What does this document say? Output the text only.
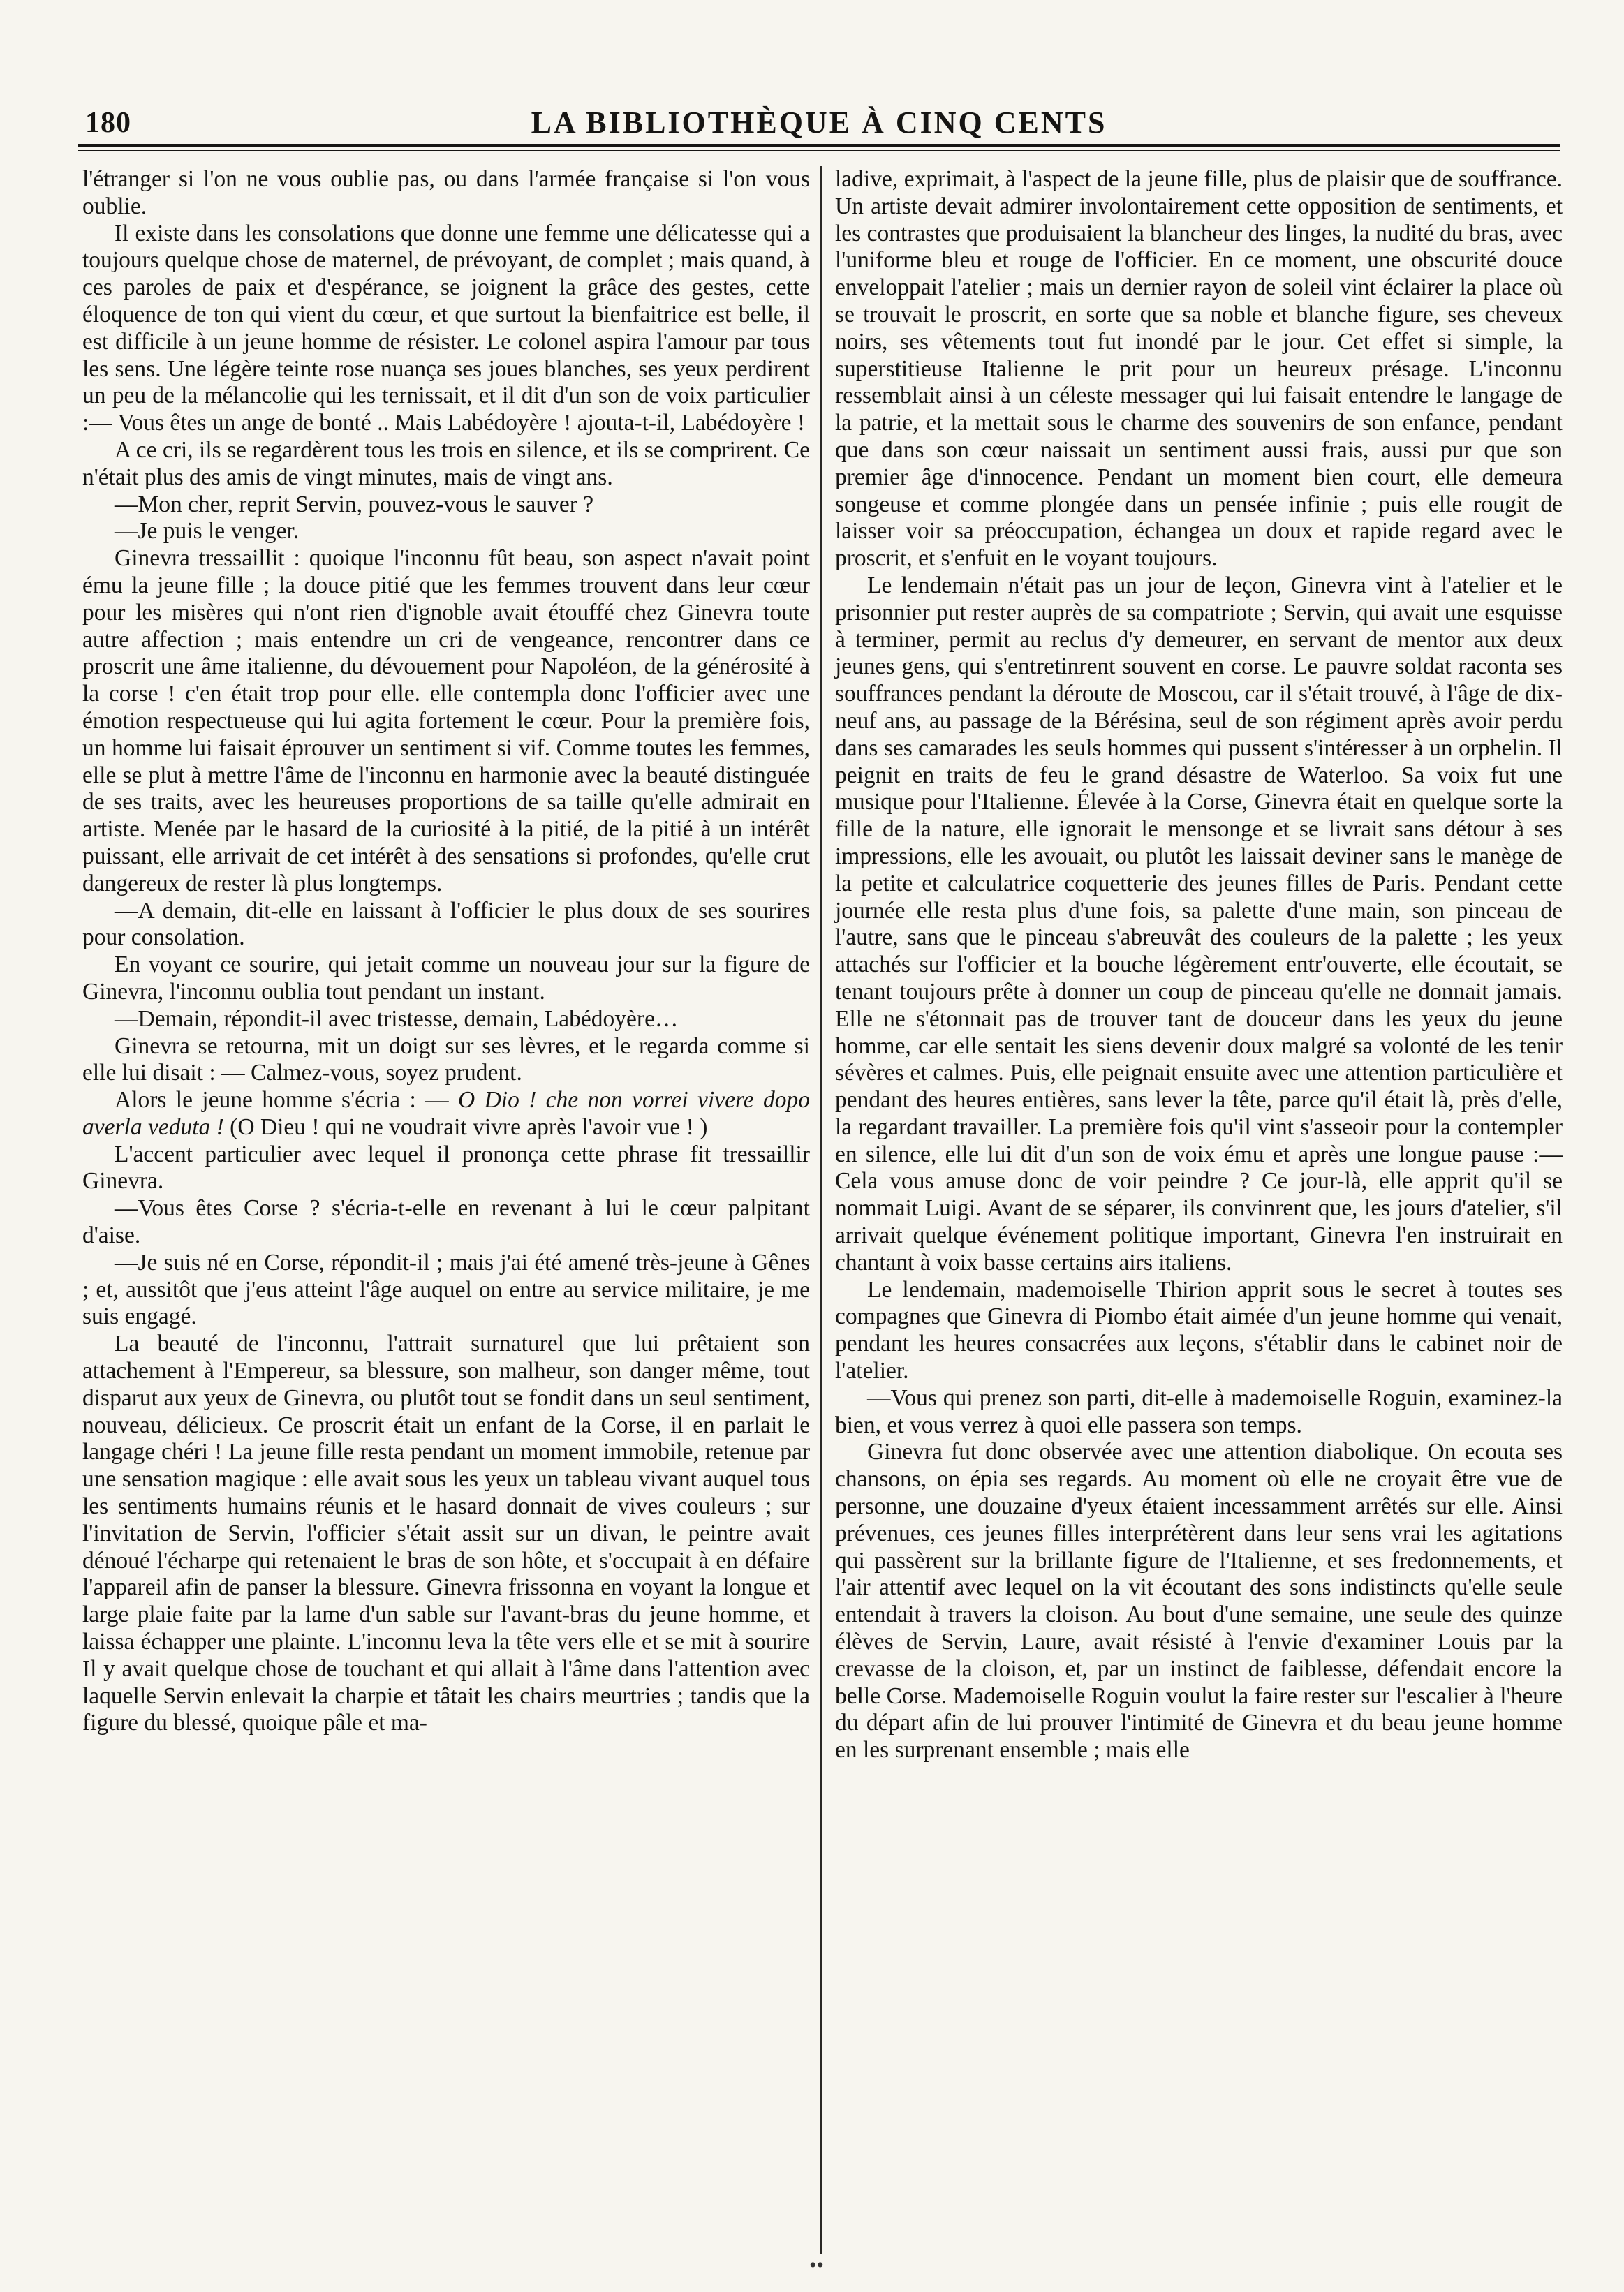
180	LA BIBLIOTHÈQUE À CINQ CENTS

l'étranger si l'on ne vous oublie pas, ou dans l'armée française si l'on vous oublie.

Il existe dans les consolations que donne une femme une délicatesse qui a toujours quelque chose de maternel, de prévoyant, de complet ; mais quand, à ces paroles de paix et d'espérance, se joignent la grâce des gestes, cette éloquence de ton qui vient du cœur, et que surtout la bienfaitrice est belle, il est difficile à un jeune homme de résister. Le colonel aspira l'amour par tous les sens. Une légère teinte rose nuança ses joues blanches, ses yeux perdirent un peu de la mélancolie qui les ternissait, et il dit d'un son de voix particulier :— Vous êtes un ange de bonté .. Mais Labédoyère ! ajouta-t-il, Labédoyère !

A ce cri, ils se regardèrent tous les trois en silence, et ils se comprirent. Ce n'était plus des amis de vingt minutes, mais de vingt ans.

—Mon cher, reprit Servin, pouvez-vous le sauver ?

—Je puis le venger.

Ginevra tressaillit : quoique l'inconnu fût beau, son aspect n'avait point ému la jeune fille ; la douce pitié que les femmes trouvent dans leur cœur pour les misères qui n'ont rien d'ignoble avait étouffé chez Ginevra toute autre affection ; mais entendre un cri de vengeance, rencontrer dans ce proscrit une âme italienne, du dévouement pour Napoléon, de la générosité à la corse ! c'en était trop pour elle. elle contempla donc l'officier avec une émotion respectueuse qui lui agita fortement le cœur. Pour la première fois, un homme lui faisait éprouver un sentiment si vif. Comme toutes les femmes, elle se plut à mettre l'âme de l'inconnu en harmonie avec la beauté distinguée de ses traits, avec les heureuses proportions de sa taille qu'elle admirait en artiste. Menée par le hasard de la curiosité à la pitié, de la pitié à un intérêt puissant, elle arrivait de cet intérêt à des sensations si profondes, qu'elle crut dangereux de rester là plus longtemps.

—A demain, dit-elle en laissant à l'officier le plus doux de ses sourires pour consolation.

En voyant ce sourire, qui jetait comme un nouveau jour sur la figure de Ginevra, l'inconnu oublia tout pendant un instant.

—Demain, répondit-il avec tristesse, demain, Labédoyère…

Ginevra se retourna, mit un doigt sur ses lèvres, et le regarda comme si elle lui disait : — Calmez-vous, soyez prudent.

Alors le jeune homme s'écria : — O Dio ! che non vorrei vivere dopo averla veduta ! (O Dieu ! qui ne voudrait vivre après l'avoir vue ! )

L'accent particulier avec lequel il prononça cette phrase fit tressaillir Ginevra.

—Vous êtes Corse ? s'écria-t-elle en revenant à lui le cœur palpitant d'aise.

—Je suis né en Corse, répondit-il ; mais j'ai été amené très-jeune à Gênes ; et, aussitôt que j'eus atteint l'âge auquel on entre au service militaire, je me suis engagé.

La beauté de l'inconnu, l'attrait surnaturel que lui prêtaient son attachement à l'Empereur, sa blessure, son malheur, son danger même, tout disparut aux yeux de Ginevra, ou plutôt tout se fondit dans un seul sentiment, nouveau, délicieux. Ce proscrit était un enfant de la Corse, il en parlait le langage chéri ! La jeune fille resta pendant un moment immobile, retenue par une sensation magique : elle avait sous les yeux un tableau vivant auquel tous les sentiments humains réunis et le hasard donnait de vives couleurs ; sur l'invitation de Servin, l'officier s'était assit sur un divan, le peintre avait dénoué l'écharpe qui retenaient le bras de son hôte, et s'occupait à en défaire l'appareil afin de panser la blessure. Ginevra frissonna en voyant la longue et large plaie faite par la lame d'un sable sur l'avant-bras du jeune homme, et laissa échapper une plainte. L'inconnu leva la tête vers elle et se mit à sourire Il y avait quelque chose de touchant et qui allait à l'âme dans l'attention avec laquelle Servin enlevait la charpie et tâtait les chairs meurtries ; tandis que la figure du blessé, quoique pâle et ma-

ladive, exprimait, à l'aspect de la jeune fille, plus de plaisir que de souffrance. Un artiste devait admirer involontairement cette opposition de sentiments, et les contrastes que produisaient la blancheur des linges, la nudité du bras, avec l'uniforme bleu et rouge de l'officier. En ce moment, une obscurité douce enveloppait l'atelier ; mais un dernier rayon de soleil vint éclairer la place où se trouvait le proscrit, en sorte que sa noble et blanche figure, ses cheveux noirs, ses vêtements tout fut inondé par le jour. Cet effet si simple, la superstitieuse Italienne le prit pour un heureux présage. L'inconnu ressemblait ainsi à un céleste messager qui lui faisait entendre le langage de la patrie, et la mettait sous le charme des souvenirs de son enfance, pendant que dans son cœur naissait un sentiment aussi frais, aussi pur que son premier âge d'innocence. Pendant un moment bien court, elle demeura songeuse et comme plongée dans un pensée infinie ; puis elle rougit de laisser voir sa préoccupation, échangea un doux et rapide regard avec le proscrit, et s'enfuit en le voyant toujours.

Le lendemain n'était pas un jour de leçon, Ginevra vint à l'atelier et le prisonnier put rester auprès de sa compatriote ; Servin, qui avait une esquisse à terminer, permit au reclus d'y demeurer, en servant de mentor aux deux jeunes gens, qui s'entretinrent souvent en corse. Le pauvre soldat raconta ses souffrances pendant la déroute de Moscou, car il s'était trouvé, à l'âge de dix-neuf ans, au passage de la Bérésina, seul de son régiment après avoir perdu dans ses camarades les seuls hommes qui pussent s'intéresser à un orphelin. Il peignit en traits de feu le grand désastre de Waterloo. Sa voix fut une musique pour l'Italienne. Élevée à la Corse, Ginevra était en quelque sorte la fille de la nature, elle ignorait le mensonge et se livrait sans détour à ses impressions, elle les avouait, ou plutôt les laissait deviner sans le manège de la petite et calculatrice coquetterie des jeunes filles de Paris. Pendant cette journée elle resta plus d'une fois, sa palette d'une main, son pinceau de l'autre, sans que le pinceau s'abreuvât des couleurs de la palette ; les yeux attachés sur l'officier et la bouche légèrement entr'ouverte, elle écoutait, se tenant toujours prête à donner un coup de pinceau qu'elle ne donnait jamais. Elle ne s'étonnait pas de trouver tant de douceur dans les yeux du jeune homme, car elle sentait les siens devenir doux malgré sa volonté de les tenir sévères et calmes. Puis, elle peignait ensuite avec une attention particulière et pendant des heures entières, sans lever la tête, parce qu'il était là, près d'elle, la regardant travailler. La première fois qu'il vint s'asseoir pour la contempler en silence, elle lui dit d'un son de voix ému et après une longue pause :— Cela vous amuse donc de voir peindre ? Ce jour-là, elle apprit qu'il se nommait Luigi. Avant de se séparer, ils convinrent que, les jours d'atelier, s'il arrivait quelque événement politique important, Ginevra l'en instruirait en chantant à voix basse certains airs italiens.

Le lendemain, mademoiselle Thirion apprit sous le secret à toutes ses compagnes que Ginevra di Piombo était aimée d'un jeune homme qui venait, pendant les heures consacrées aux leçons, s'établir dans le cabinet noir de l'atelier.

—Vous qui prenez son parti, dit-elle à mademoiselle Roguin, examinez-la bien, et vous verrez à quoi elle passera son temps.

Ginevra fut donc observée avec une attention diabolique. On ecouta ses chansons, on épia ses regards. Au moment où elle ne croyait être vue de personne, une douzaine d'yeux étaient incessamment arrêtés sur elle. Ainsi prévenues, ces jeunes filles interprétèrent dans leur sens vrai les agitations qui passèrent sur la brillante figure de l'Italienne, et ses fredonnements, et l'air attentif avec lequel on la vit écoutant des sons indistincts qu'elle seule entendait à travers la cloison. Au bout d'une semaine, une seule des quinze élèves de Servin, Laure, avait résisté à l'envie d'examiner Louis par la crevasse de la cloison, et, par un instinct de faiblesse, défendait encore la belle Corse. Mademoiselle Roguin voulut la faire rester sur l'escalier à l'heure du départ afin de lui prouver l'intimité de Ginevra et du beau jeune homme en les surprenant ensemble ; mais elle

••
